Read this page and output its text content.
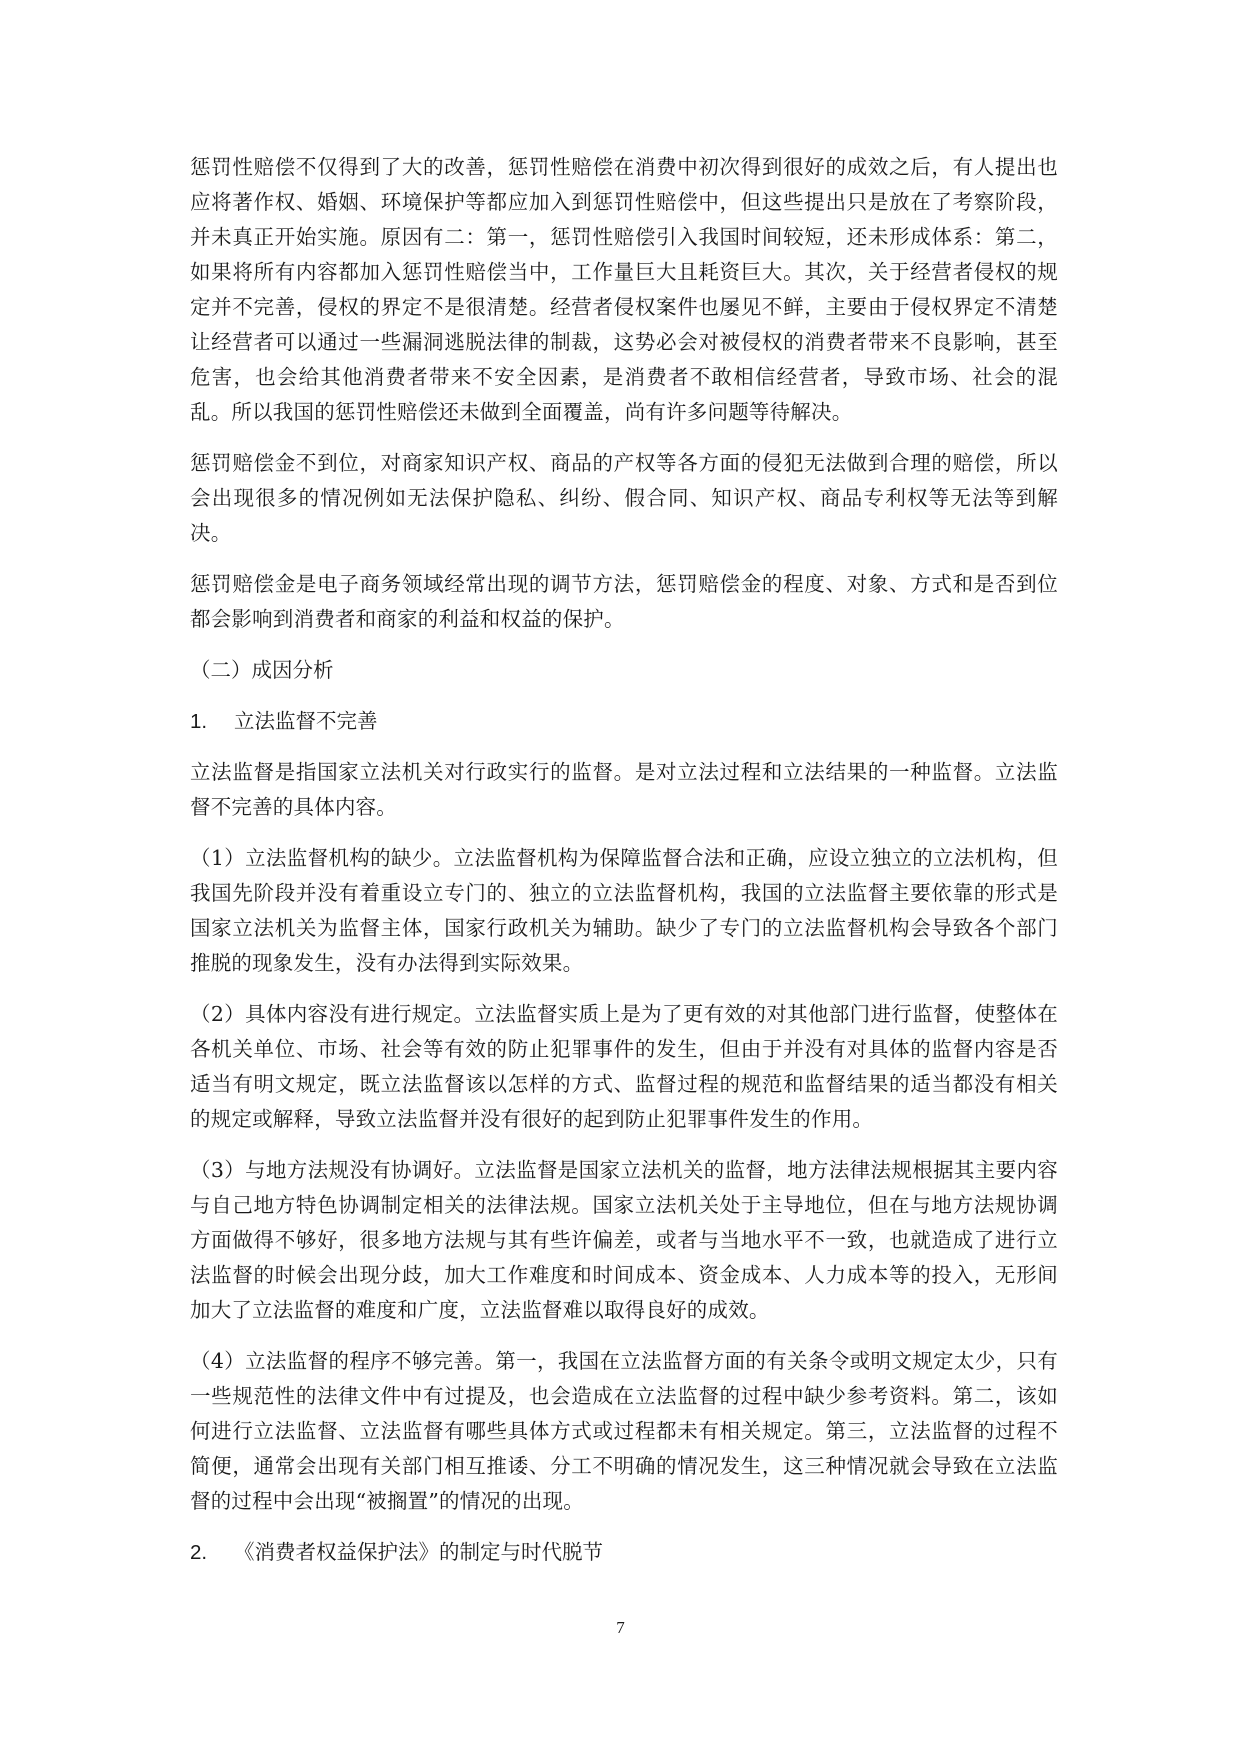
惩罚性赔偿不仅得到了大的改善，惩罚性赔偿在消费中初次得到很好的成效之后，有人提出也应将著作权、婚姻、环境保护等都应加入到惩罚性赔偿中，但这些提出只是放在了考察阶段，并未真正开始实施。原因有二：第一，惩罚性赔偿引入我国时间较短，还未形成体系：第二，如果将所有内容都加入惩罚性赔偿当中，工作量巨大且耗资巨大。其次，关于经营者侵权的规定并不完善，侵权的界定不是很清楚。经营者侵权案件也屡见不鲜，主要由于侵权界定不清楚让经营者可以通过一些漏洞逃脱法律的制裁，这势必会对被侵权的消费者带来不良影响，甚至危害，也会给其他消费者带来不安全因素，是消费者不敢相信经营者，导致市场、社会的混乱。所以我国的惩罚性赔偿还未做到全面覆盖，尚有许多问题等待解决。

惩罚赔偿金不到位，对商家知识产权、商品的产权等各方面的侵犯无法做到合理的赔偿，所以会出现很多的情况例如无法保护隐私、纠纷、假合同、知识产权、商品专利权等无法等到解决。

惩罚赔偿金是电子商务领域经常出现的调节方法，惩罚赔偿金的程度、对象、方式和是否到位都会影响到消费者和商家的利益和权益的保护。

（二）成因分析

1.	立法监督不完善

立法监督是指国家立法机关对行政实行的监督。是对立法过程和立法结果的一种监督。立法监督不完善的具体内容。

（1）立法监督机构的缺少。立法监督机构为保障监督合法和正确，应设立独立的立法机构，但我国先阶段并没有着重设立专门的、独立的立法监督机构，我国的立法监督主要依靠的形式是国家立法机关为监督主体，国家行政机关为辅助。缺少了专门的立法监督机构会导致各个部门推脱的现象发生，没有办法得到实际效果。

（2）具体内容没有进行规定。立法监督实质上是为了更有效的对其他部门进行监督，使整体在各机关单位、市场、社会等有效的防止犯罪事件的发生，但由于并没有对具体的监督内容是否适当有明文规定，既立法监督该以怎样的方式、监督过程的规范和监督结果的适当都没有相关的规定或解释，导致立法监督并没有很好的起到防止犯罪事件发生的作用。

（3）与地方法规没有协调好。立法监督是国家立法机关的监督，地方法律法规根据其主要内容与自己地方特色协调制定相关的法律法规。国家立法机关处于主导地位，但在与地方法规协调方面做得不够好，很多地方法规与其有些许偏差，或者与当地水平不一致，也就造成了进行立法监督的时候会出现分歧，加大工作难度和时间成本、资金成本、人力成本等的投入，无形间加大了立法监督的难度和广度，立法监督难以取得良好的成效。

（4）立法监督的程序不够完善。第一，我国在立法监督方面的有关条令或明文规定太少，只有一些规范性的法律文件中有过提及，也会造成在立法监督的过程中缺少参考资料。第二，该如何进行立法监督、立法监督有哪些具体方式或过程都未有相关规定。第三，立法监督的过程不简便，通常会出现有关部门相互推诿、分工不明确的情况发生，这三种情况就会导致在立法监督的过程中会出现“被搁置”的情况的出现。

2.	《消费者权益保护法》的制定与时代脱节

7
